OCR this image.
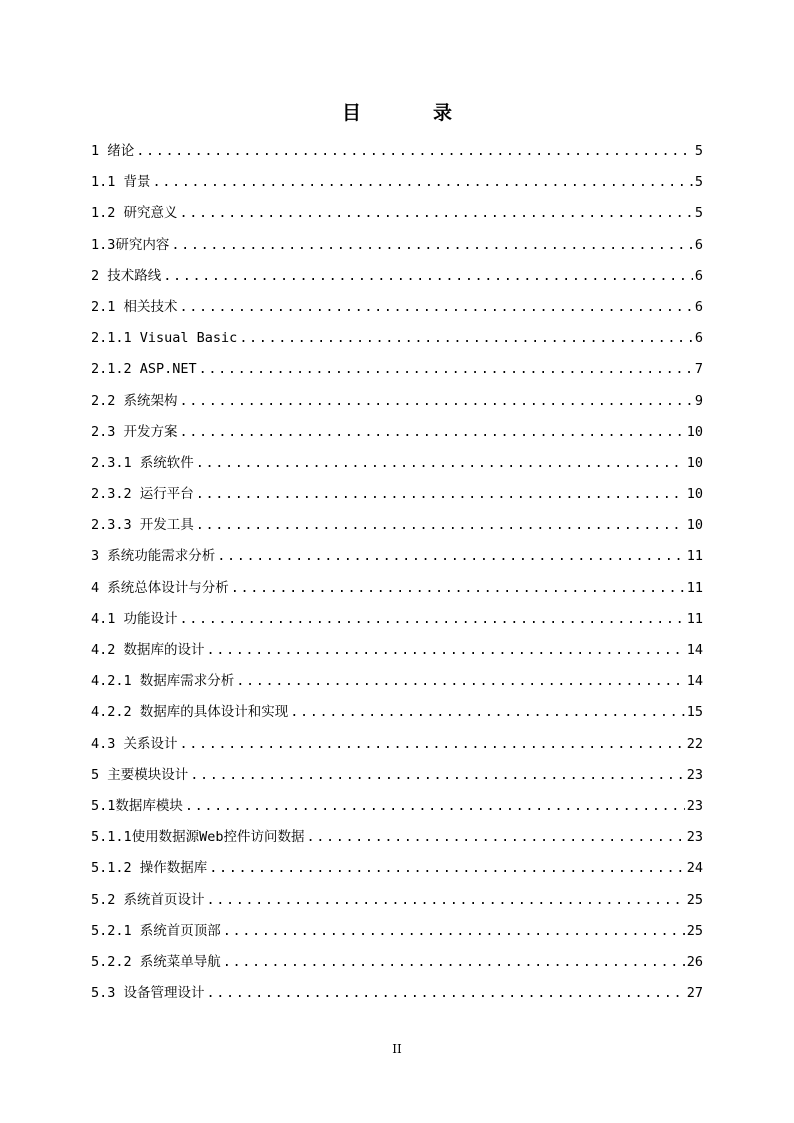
目	录
1 绪论 .....	5
1.1 背景 .....	5
1.2 研究意义 .....	5
1.3研究内容 .....	6
2 技术路线 .....	6
2.1 相关技术 .....	6
2.1.1 Visual Basic .....	6
2.1.2 ASP.NET .....	7
2.2 系统架构 .....	9
2.3 开发方案 .....	10
2.3.1 系统软件 .....	10
2.3.2 运行平台 .....	10
2.3.3 开发工具 .....	10
3 系统功能需求分析 .....	11
4 系统总体设计与分析 .....	11
4.1 功能设计 .....	11
4.2 数据库的设计 .....	14
4.2.1 数据库需求分析 .....	14
4.2.2 数据库的具体设计和实现 .....	15
4.3 关系设计 .....	22
5 主要模块设计 .....	23
5.1数据库模块 .....	23
5.1.1使用数据源Web控件访问数据 .....	23
5.1.2 操作数据库 .....	24
5.2 系统首页设计 .....	25
5.2.1 系统首页顶部 .....	25
5.2.2 系统菜单导航 .....	26
5.3 设备管理设计 .....	27
II
